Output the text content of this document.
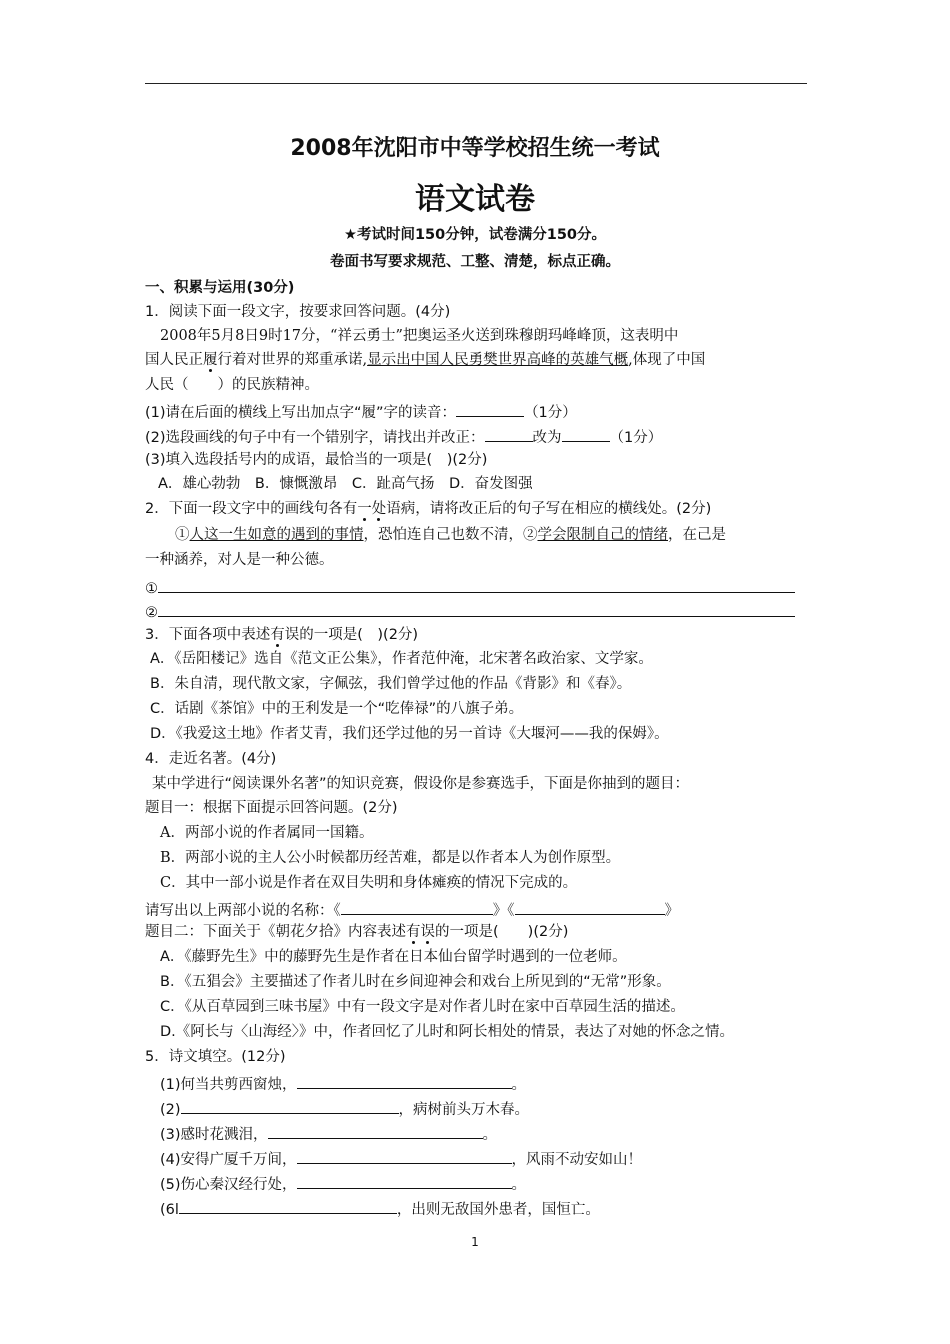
2008年沈阳市中等学校招生统一考试
语文试卷
★考试时间150分钟，试卷满分150分。
卷面书写要求规范、工整、清楚，标点正确。
一、积累与运用(30分)
1．阅读下面一段文字，按要求回答问题。(4分)
2008年5月8日9时17分，“祥云勇士”把奥运圣火送到珠穆朗玛峰峰顶，这表明中
国人民正履行着对世界的郑重承诺,显示出中国人民勇樊世界高峰的英雄气概,体现了中国
人民（　　）的民族精神。
(1)请在后面的横线上写出加点字“履”字的读音：	（1分）
(2)选段画线的句子中有一个错别字，请找出并改正：	改为	（1分）
(3)填入选段括号内的成语，最恰当的一项是(　)(2分)
A．雄心勃勃　B．慷慨激昂　C．趾高气扬　D．奋发图强
2．下面一段文字中的画线句各有一处语病，请将改正后的句子写在相应的横线处。(2分)
①人这一生如意的遇到的事情，恐怕连自己也数不清，②学会限制自己的情绪，在己是
一种涵养，对人是一种公德。
①
②
3．下面各项中表述有误的一项是(　)(2分)
A．《岳阳楼记》选自《范文正公集》，作者范仲淹，北宋著名政治家、文学家。
B．朱自清，现代散文家，字佩弦，我们曾学过他的作品《背影》和《春》。
C．话剧《茶馆》中的王利发是一个“吃俸禄”的八旗子弟。
D．《我爱这土地》作者艾青，我们还学过他的另一首诗《大堰河——我的保姆》。
4．走近名著。(4分)
某中学进行“阅读课外名著”的知识竞赛，假设你是参赛选手，下面是你抽到的题目：
题目一：根据下面提示回答问题。(2分)
A．两部小说的作者属同一国籍。
B．两部小说的主人公小时候都历经苦难，都是以作者本人为创作原型。
C．其中一部小说是作者在双目失明和身体瘫痪的情况下完成的。
请写出以上两部小说的名称：《	》《	》
题目二：下面关于《朝花夕拾》内容表述有误的一项是(　　)(2分)
A．《藤野先生》中的藤野先生是作者在日本仙台留学时遇到的一位老师。
B．《五猖会》主要描述了作者儿时在乡间迎神会和戏台上所见到的“无常”形象。
C．《从百草园到三味书屋》中有一段文字是对作者儿时在家中百草园生活的描述。
D.《阿长与〈山海经〉》中，作者回忆了儿时和阿长相处的情景，表达了对她的怀念之情。
5．诗文填空。(12分)
(1)何当共剪西窗烛，	。
(2)	，病树前头万木春。
(3)感时花溅泪，	。
(4)安得广厦千万间，	，风雨不动安如山！
(5)伤心秦汉经行处，	。
(6l	，出则无敌国外患者，国恒亡。
1
